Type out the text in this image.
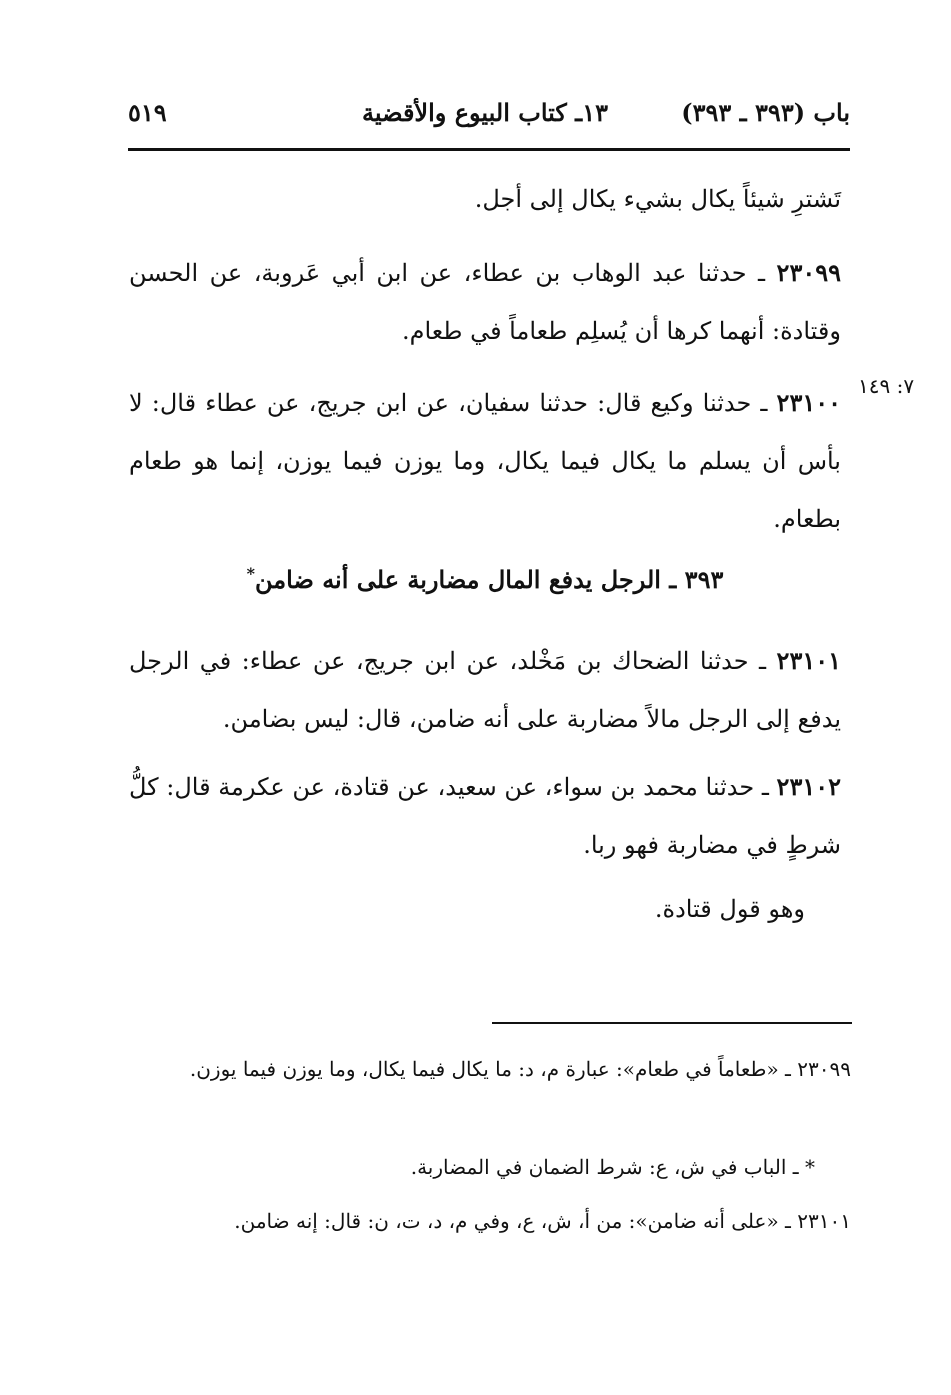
باب (٣٩٣ ـ ٣٩٣)
١٣ـ كتاب البيوع والأقضية
٥١٩
تَشترِ شيئاً يكال بشيء يكال إلى أجل.
٢٣٠٩٩ ـ حدثنا عبد الوهاب بن عطاء، عن ابن أبي عَروبة، عن الحسن وقتادة: أنهما كرها أن يُسلِم طعاماً في طعام.
٢٣١٠٠ ـ حدثنا وكيع قال: حدثنا سفيان، عن ابن جريج، عن عطاء قال: لا بأس أن يسلم ما يكال فيما يكال، وما يوزن فيما يوزن، إنما هو طعام بطعام.
٧: ١٤٩
٣٩٣ ـ الرجل يدفع المال مضاربة على أنه ضامن*
٢٣١٠١ ـ حدثنا الضحاك بن مَخْلد، عن ابن جريج، عن عطاء: في الرجل يدفع إلى الرجل مالاً مضاربة على أنه ضامن، قال: ليس بضامن.
٢٣١٠٢ ـ حدثنا محمد بن سواء، عن سعيد، عن قتادة، عن عكرمة قال: كلُّ شرطٍ في مضاربة فهو ربا.
وهو قول قتادة.
٢٣٠٩٩ ـ «طعاماً في طعام»: عبارة م، د: ما يكال فيما يكال، وما يوزن فيما يوزن.
* ـ الباب في ش، ع: شرط الضمان في المضاربة.
٢٣١٠١ ـ «على أنه ضامن»: من أ، ش، ع، وفي م، د، ت، ن: قال: إنه ضامن.
